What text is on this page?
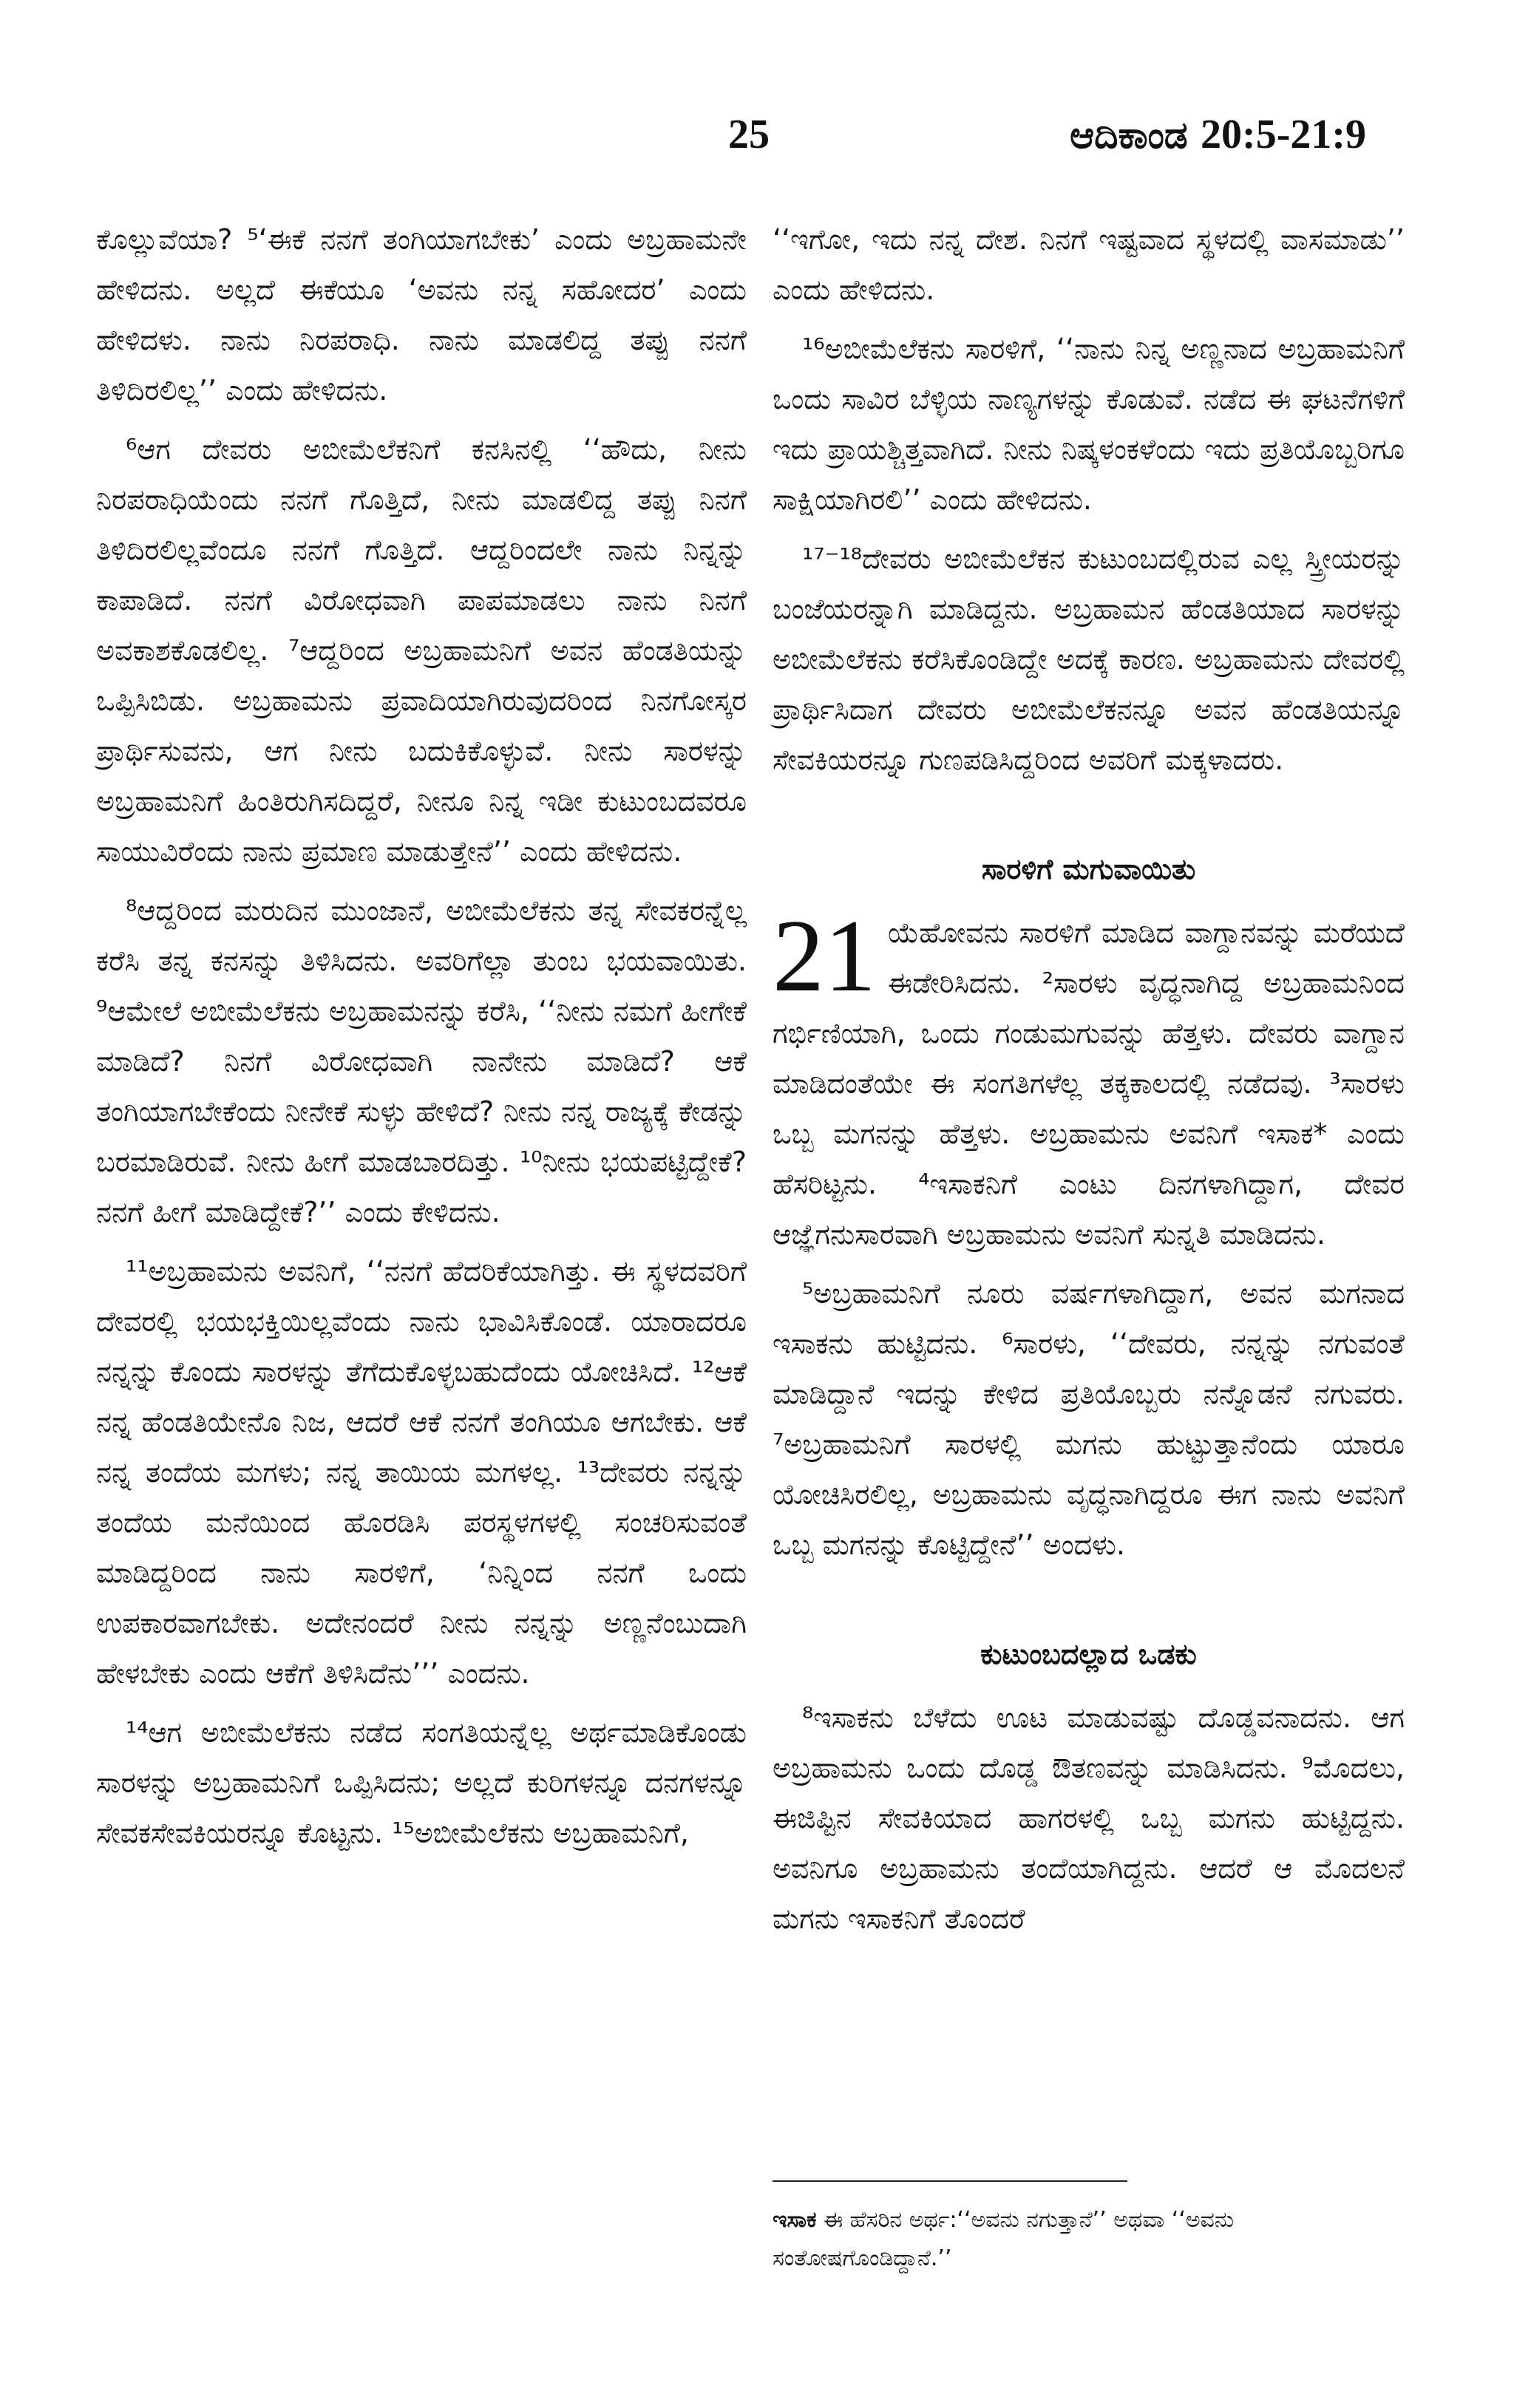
25	ಆದಿಕಾಂಡ 20:5-21:9

ಕೊಲ್ಲುವೆಯಾ? ⁵‘ಈಕೆ ನನಗೆ ತಂಗಿಯಾಗಬೇಕು’ ಎಂದು ಅಬ್ರಹಾಮನೇ ಹೇಳಿದನು. ಅಲ್ಲದೆ ಈಕೆಯೂ ‘ಅವನು ನನ್ನ ಸಹೋದರ’ ಎಂದು ಹೇಳಿದಳು. ನಾನು ನಿರಪರಾಧಿ. ನಾನು ಮಾಡಲಿದ್ದ ತಪ್ಪು ನನಗೆ ತಿಳಿದಿರಲಿಲ್ಲ’’ ಎಂದು ಹೇಳಿದನು.

⁶ಆಗ ದೇವರು ಅಬೀಮೆಲೆಕನಿಗೆ ಕನಸಿನಲ್ಲಿ ‘‘ಹೌದು, ನೀನು ನಿರಪರಾಧಿಯೆಂದು ನನಗೆ ಗೊತ್ತಿದೆ, ನೀನು ಮಾಡಲಿದ್ದ ತಪ್ಪು ನಿನಗೆ ತಿಳಿದಿರಲಿಲ್ಲವೆಂದೂ ನನಗೆ ಗೊತ್ತಿದೆ. ಆದ್ದರಿಂದಲೇ ನಾನು ನಿನ್ನನ್ನು ಕಾಪಾಡಿದೆ. ನನಗೆ ವಿರೋಧವಾಗಿ ಪಾಪಮಾಡಲು ನಾನು ನಿನಗೆ ಅವಕಾಶಕೊಡಲಿಲ್ಲ. ⁷ಆದ್ದರಿಂದ ಅಬ್ರಹಾಮನಿಗೆ ಅವನ ಹೆಂಡತಿಯನ್ನು ಒಪ್ಪಿಸಿಬಿಡು. ಅಬ್ರಹಾಮನು ಪ್ರವಾದಿಯಾಗಿರುವುದರಿಂದ ನಿನಗೋಸ್ಕರ ಪ್ರಾರ್ಥಿಸುವನು, ಆಗ ನೀನು ಬದುಕಿಕೊಳ್ಳುವೆ. ನೀನು ಸಾರಳನ್ನು ಅಬ್ರಹಾಮನಿಗೆ ಹಿಂತಿರುಗಿಸದಿದ್ದರೆ, ನೀನೂ ನಿನ್ನ ಇಡೀ ಕುಟುಂಬದವರೂ ಸಾಯುವಿರೆಂದು ನಾನು ಪ್ರಮಾಣ ಮಾಡುತ್ತೇನೆ’’ ಎಂದು ಹೇಳಿದನು.

⁸ಆದ್ದರಿಂದ ಮರುದಿನ ಮುಂಜಾನೆ, ಅಬೀಮೆಲೆಕನು ತನ್ನ ಸೇವಕರನ್ನೆಲ್ಲ ಕರೆಸಿ ತನ್ನ ಕನಸನ್ನು ತಿಳಿಸಿದನು. ಅವರಿಗೆಲ್ಲಾ ತುಂಬ ಭಯವಾಯಿತು. ⁹ಆಮೇಲೆ ಅಬೀಮೆಲೆಕನು ಅಬ್ರಹಾಮನನ್ನು ಕರೆಸಿ, ‘‘ನೀನು ನಮಗೆ ಹೀಗೇಕೆ ಮಾಡಿದೆ? ನಿನಗೆ ವಿರೋಧವಾಗಿ ನಾನೇನು ಮಾಡಿದೆ? ಆಕೆ ತಂಗಿಯಾಗಬೇಕೆಂದು ನೀನೇಕೆ ಸುಳ್ಳು ಹೇಳಿದೆ? ನೀನು ನನ್ನ ರಾಜ್ಯಕ್ಕೆ ಕೇಡನ್ನು ಬರಮಾಡಿರುವೆ. ನೀನು ಹೀಗೆ ಮಾಡಬಾರದಿತ್ತು. ¹⁰ನೀನು ಭಯಪಟ್ಟಿದ್ದೇಕೆ? ನನಗೆ ಹೀಗೆ ಮಾಡಿದ್ದೇಕೆ?’’ ಎಂದು ಕೇಳಿದನು.

¹¹ಅಬ್ರಹಾಮನು ಅವನಿಗೆ, ‘‘ನನಗೆ ಹೆದರಿಕೆಯಾಗಿತ್ತು. ಈ ಸ್ಥಳದವರಿಗೆ ದೇವರಲ್ಲಿ ಭಯಭಕ್ತಿಯಿಲ್ಲವೆಂದು ನಾನು ಭಾವಿಸಿಕೊಂಡೆ. ಯಾರಾದರೂ ನನ್ನನ್ನು ಕೊಂದು ಸಾರಳನ್ನು ತೆಗೆದುಕೊಳ್ಳಬಹುದೆಂದು ಯೋಚಿಸಿದೆ. ¹²ಆಕೆ ನನ್ನ ಹೆಂಡತಿಯೇನೊ ನಿಜ, ಆದರೆ ಆಕೆ ನನಗೆ ತಂಗಿಯೂ ಆಗಬೇಕು. ಆಕೆ ನನ್ನ ತಂದೆಯ ಮಗಳು; ನನ್ನ ತಾಯಿಯ ಮಗಳಲ್ಲ. ¹³ದೇವರು ನನ್ನನ್ನು ತಂದೆಯ ಮನೆಯಿಂದ ಹೊರಡಿಸಿ ಪರಸ್ಥಳಗಳಲ್ಲಿ ಸಂಚರಿಸುವಂತೆ ಮಾಡಿದ್ದರಿಂದ ನಾನು ಸಾರಳಿಗೆ, ‘ನಿನ್ನಿಂದ ನನಗೆ ಒಂದು ಉಪಕಾರವಾಗಬೇಕು. ಅದೇನಂದರೆ ನೀನು ನನ್ನನ್ನು ಅಣ್ಣನೆಂಬುದಾಗಿ ಹೇಳಬೇಕು ಎಂದು ಆಕೆಗೆ ತಿಳಿಸಿದೆನು’’’ ಎಂದನು.

¹⁴ಆಗ ಅಬೀಮೆಲೆಕನು ನಡೆದ ಸಂಗತಿಯನ್ನೆಲ್ಲ ಅರ್ಥಮಾಡಿಕೊಂಡು ಸಾರಳನ್ನು ಅಬ್ರಹಾಮನಿಗೆ ಒಪ್ಪಿಸಿದನು; ಅಲ್ಲದೆ ಕುರಿಗಳನ್ನೂ ದನಗಳನ್ನೂ ಸೇವಕಸೇವಕಿಯರನ್ನೂ ಕೊಟ್ಟನು. ¹⁵ಅಬೀಮೆಲೆಕನು ಅಬ್ರಹಾಮನಿಗೆ,

‘‘ಇಗೋ, ಇದು ನನ್ನ ದೇಶ. ನಿನಗೆ ಇಷ್ಟವಾದ ಸ್ಥಳದಲ್ಲಿ ವಾಸಮಾಡು’’ ಎಂದು ಹೇಳಿದನು.

¹⁶ಅಬೀಮೆಲೆಕನು ಸಾರಳಿಗೆ, ‘‘ನಾನು ನಿನ್ನ ಅಣ್ಣನಾದ ಅಬ್ರಹಾಮನಿಗೆ ಒಂದು ಸಾವಿರ ಬೆಳ್ಳಿಯ ನಾಣ್ಯಗಳನ್ನು ಕೊಡುವೆ. ನಡೆದ ಈ ಘಟನೆಗಳಿಗೆ ಇದು ಪ್ರಾಯಶ್ಚಿತ್ತವಾಗಿದೆ. ನೀನು ನಿಷ್ಕಳಂಕಳೆಂದು ಇದು ಪ್ರತಿಯೊಬ್ಬರಿಗೂ ಸಾಕ್ಷಿಯಾಗಿರಲಿ’’ ಎಂದು ಹೇಳಿದನು.

¹⁷⁻¹⁸ದೇವರು ಅಬೀಮೆಲೆಕನ ಕುಟುಂಬದಲ್ಲಿರುವ ಎಲ್ಲ ಸ್ತ್ರೀಯರನ್ನು ಬಂಜೆಯರನ್ನಾಗಿ ಮಾಡಿದ್ದನು. ಅಬ್ರಹಾಮನ ಹೆಂಡತಿಯಾದ ಸಾರಳನ್ನು ಅಬೀಮೆಲೆಕನು ಕರೆಸಿಕೊಂಡಿದ್ದೇ ಅದಕ್ಕೆ ಕಾರಣ. ಅಬ್ರಹಾಮನು ದೇವರಲ್ಲಿ ಪ್ರಾರ್ಥಿಸಿದಾಗ ದೇವರು ಅಬೀಮೆಲೆಕನನ್ನೂ ಅವನ ಹೆಂಡತಿಯನ್ನೂ ಸೇವಕಿಯರನ್ನೂ ಗುಣಪಡಿಸಿದ್ದರಿಂದ ಅವರಿಗೆ ಮಕ್ಕಳಾದರು.

ಸಾರಳಿಗೆ ಮಗುವಾಯಿತು
21 ಯೆಹೋವನು ಸಾರಳಿಗೆ ಮಾಡಿದ ವಾಗ್ದಾನವನ್ನು ಮರೆಯದೆ ಈಡೇರಿಸಿದನು. ²ಸಾರಳು ವೃದ್ಧನಾಗಿದ್ದ ಅಬ್ರಹಾಮನಿಂದ ಗರ್ಭಿಣಿಯಾಗಿ, ಒಂದು ಗಂಡುಮಗುವನ್ನು ಹೆತ್ತಳು. ದೇವರು ವಾಗ್ದಾನ ಮಾಡಿದಂತೆಯೇ ಈ ಸಂಗತಿಗಳೆಲ್ಲ ತಕ್ಕಕಾಲದಲ್ಲಿ ನಡೆದವು. ³ಸಾರಳು ಒಬ್ಬ ಮಗನನ್ನು ಹೆತ್ತಳು. ಅಬ್ರಹಾಮನು ಅವನಿಗೆ ಇಸಾಕ* ಎಂದು ಹೆಸರಿಟ್ಟನು. ⁴ಇಸಾಕನಿಗೆ ಎಂಟು ದಿನಗಳಾಗಿದ್ದಾಗ, ದೇವರ ಆಜ್ಞೆಗನುಸಾರವಾಗಿ ಅಬ್ರಹಾಮನು ಅವನಿಗೆ ಸುನ್ನತಿ ಮಾಡಿದನು.

⁵ಅಬ್ರಹಾಮನಿಗೆ ನೂರು ವರ್ಷಗಳಾಗಿದ್ದಾಗ, ಅವನ ಮಗನಾದ ಇಸಾಕನು ಹುಟ್ಟಿದನು. ⁶ಸಾರಳು, ‘‘ದೇವರು, ನನ್ನನ್ನು ನಗುವಂತೆ ಮಾಡಿದ್ದಾನೆ ಇದನ್ನು ಕೇಳಿದ ಪ್ರತಿಯೊಬ್ಬರು ನನ್ನೊಡನೆ ನಗುವರು. ⁷ಅಬ್ರಹಾಮನಿಗೆ ಸಾರಳಲ್ಲಿ ಮಗನು ಹುಟ್ಟುತ್ತಾನೆಂದು ಯಾರೂ ಯೋಚಿಸಿರಲಿಲ್ಲ, ಅಬ್ರಹಾಮನು ವೃದ್ಧನಾಗಿದ್ದರೂ ಈಗ ನಾನು ಅವನಿಗೆ ಒಬ್ಬ ಮಗನನ್ನು ಕೊಟ್ಟಿದ್ದೇನೆ’’ ಅಂದಳು.

ಕುಟುಂಬದಲ್ಲಾದ ಒಡಕು

⁸ಇಸಾಕನು ಬೆಳೆದು ಊಟ ಮಾಡುವಷ್ಟು ದೊಡ್ಡವನಾದನು. ಆಗ ಅಬ್ರಹಾಮನು ಒಂದು ದೊಡ್ಡ ಔತಣವನ್ನು ಮಾಡಿಸಿದನು. ⁹ಮೊದಲು, ಈಜಿಪ್ಟಿನ ಸೇವಕಿಯಾದ ಹಾಗರಳಲ್ಲಿ ಒಬ್ಬ ಮಗನು ಹುಟ್ಟಿದ್ದನು. ಅವನಿಗೂ ಅಬ್ರಹಾಮನು ತಂದೆಯಾಗಿದ್ದನು. ಆದರೆ ಆ ಮೊದಲನೆ ಮಗನು ಇಸಾಕನಿಗೆ ತೊಂದರೆ

ಇಸಾಕ ಈ ಹೆಸರಿನ ಅರ್ಥ:‘‘ಅವನು ನಗುತ್ತಾನೆ’’ ಅಥವಾ ‘‘ಅವನು ಸಂತೋಷಗೊಂಡಿದ್ದಾನೆ.’’
